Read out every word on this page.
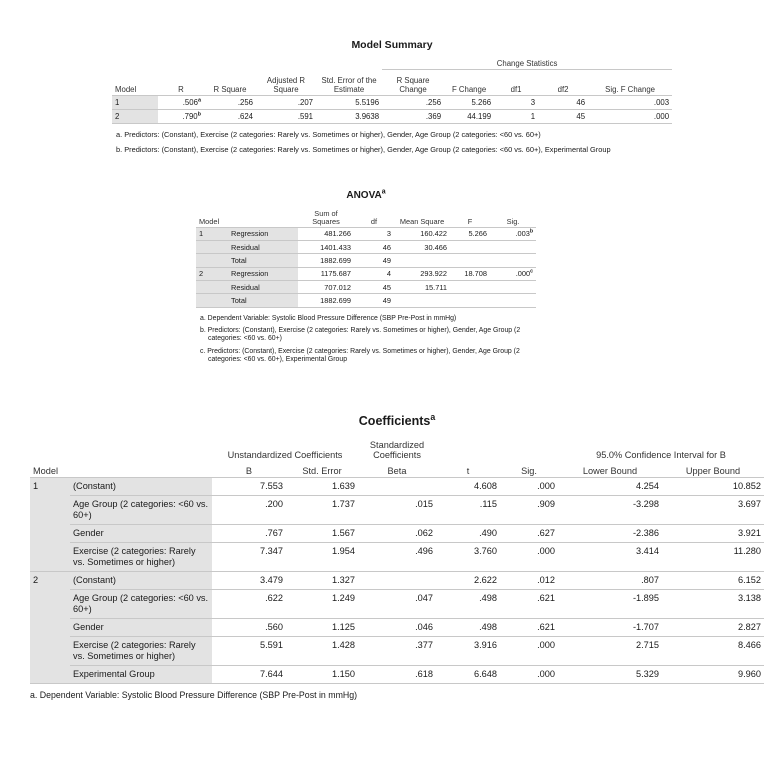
Model Summary
					Change Statistics				
Model	R	R Square	Adjusted R Square	Std. Error of the Estimate	R Square Change	F Change	df1	df2	Sig. F Change
1	.506$^a$	.256	.207	5.5196	.256	5.266	3	46	.003
2	.790$^b$	.624	.591	3.9638	.369	44.199	1	45	.000
a. Predictors: (Constant), Exercise (2 categories: Rarely vs. Sometimes or higher), Gender, Age Group (2 categories: <60 vs. 60+)
b. Predictors: (Constant), Exercise (2 categories: Rarely vs. Sometimes or higher), Gender, Age Group (2 categories: <60 vs. 60+), Experimental Group
ANOVA$^a$
Model		Sum of Squares	df	Mean Square	F	Sig.
1	Regression	481.266	3	160.422	5.266	.003$^b$
	Residual	1401.433	46	30.466		
	Total	1882.699	49			
2	Regression	1175.687	4	293.922	18.708	.000$^c$
	Residual	707.012	45	15.711		
	Total	1882.699	49			
a. Dependent Variable: Systolic Blood Pressure Difference (SBP Pre-Post in mmHg)
b. Predictors: (Constant), Exercise (2 categories: Rarely vs. Sometimes or higher), Gender, Age Group (2 categories: <60 vs. 60+)
c. Predictors: (Constant), Exercise (2 categories: Rarely vs. Sometimes or higher), Gender, Age Group (2 categories: <60 vs. 60+), Experimental Group
Coefficients$^a$
		Unstandardized Coefficients		Standardized Coefficients			95.0% Confidence Interval for B	
Model		B	Std. Error	Beta	t	Sig.	Lower Bound	Upper Bound
1	(Constant)	7.553	1.639		4.608	.000	4.254	10.852
	Age Group (2 categories: <60 vs. 60+)	.200	1.737	.015	.115	.909	-3.298	3.697
	Gender	.767	1.567	.062	.490	.627	-2.386	3.921
	Exercise (2 categories: Rarely vs. Sometimes or higher)	7.347	1.954	.496	3.760	.000	3.414	11.280
2	(Constant)	3.479	1.327		2.622	.012	.807	6.152
	Age Group (2 categories: <60 vs. 60+)	.622	1.249	.047	.498	.621	-1.895	3.138
	Gender	.560	1.125	.046	.498	.621	-1.707	2.827
	Exercise (2 categories: Rarely vs. Sometimes or higher)	5.591	1.428	.377	3.916	.000	2.715	8.466
	Experimental Group	7.644	1.150	.618	6.648	.000	5.329	9.960
a. Dependent Variable: Systolic Blood Pressure Difference (SBP Pre-Post in mmHg)
